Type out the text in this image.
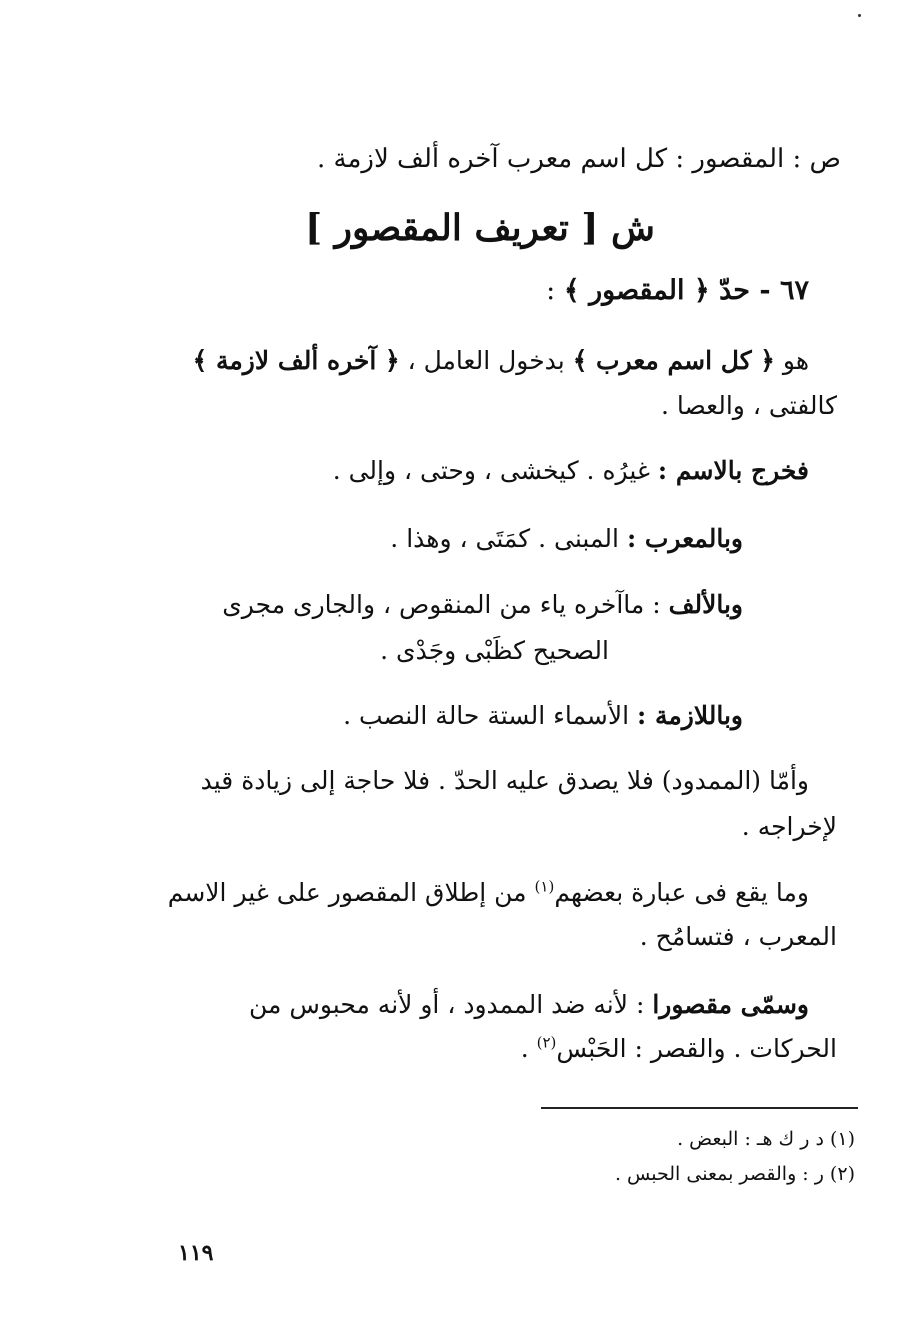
ص : المقصور : كل اسم معرب آخره ألف لازمة .
ش [ تعريف المقصور ]
٦٧ - حدّ ﴿ المقصور ﴾ :
هو ﴿ كل اسم معرب ﴾ بدخول العامل ، ﴿ آخره ألف لازمة ﴾
كالفتى ، والعصا .
فخرج بالاسم : غيرُه . كيخشى ، وحتى ، وإلى .
وبالمعرب : المبنى . كمَتَى ، وهذا .
وبالألف : ماآخره ياء من المنقوص ، والجارى مجرى
الصحيح كظَبْى وجَدْى .
وباللازمة : الأسماء الستة حالة النصب .
وأمّا (الممدود) فلا يصدق عليه الحدّ . فلا حاجة إلى زيادة قيد
لإخراجه .
وما يقع فى عبارة بعضهم$^{(١)}$ من إطلاق المقصور على غير الاسم
المعرب ، فتسامُح .
وسمّى مقصورا : لأنه ضد الممدود ، أو لأنه محبوس من
الحركات . والقصر : الحَبْس$^{(٢)}$ .
(١) د ر ك هـ : البعض .
(٢) ر : والقصر بمعنى الحبس .
١١٩
